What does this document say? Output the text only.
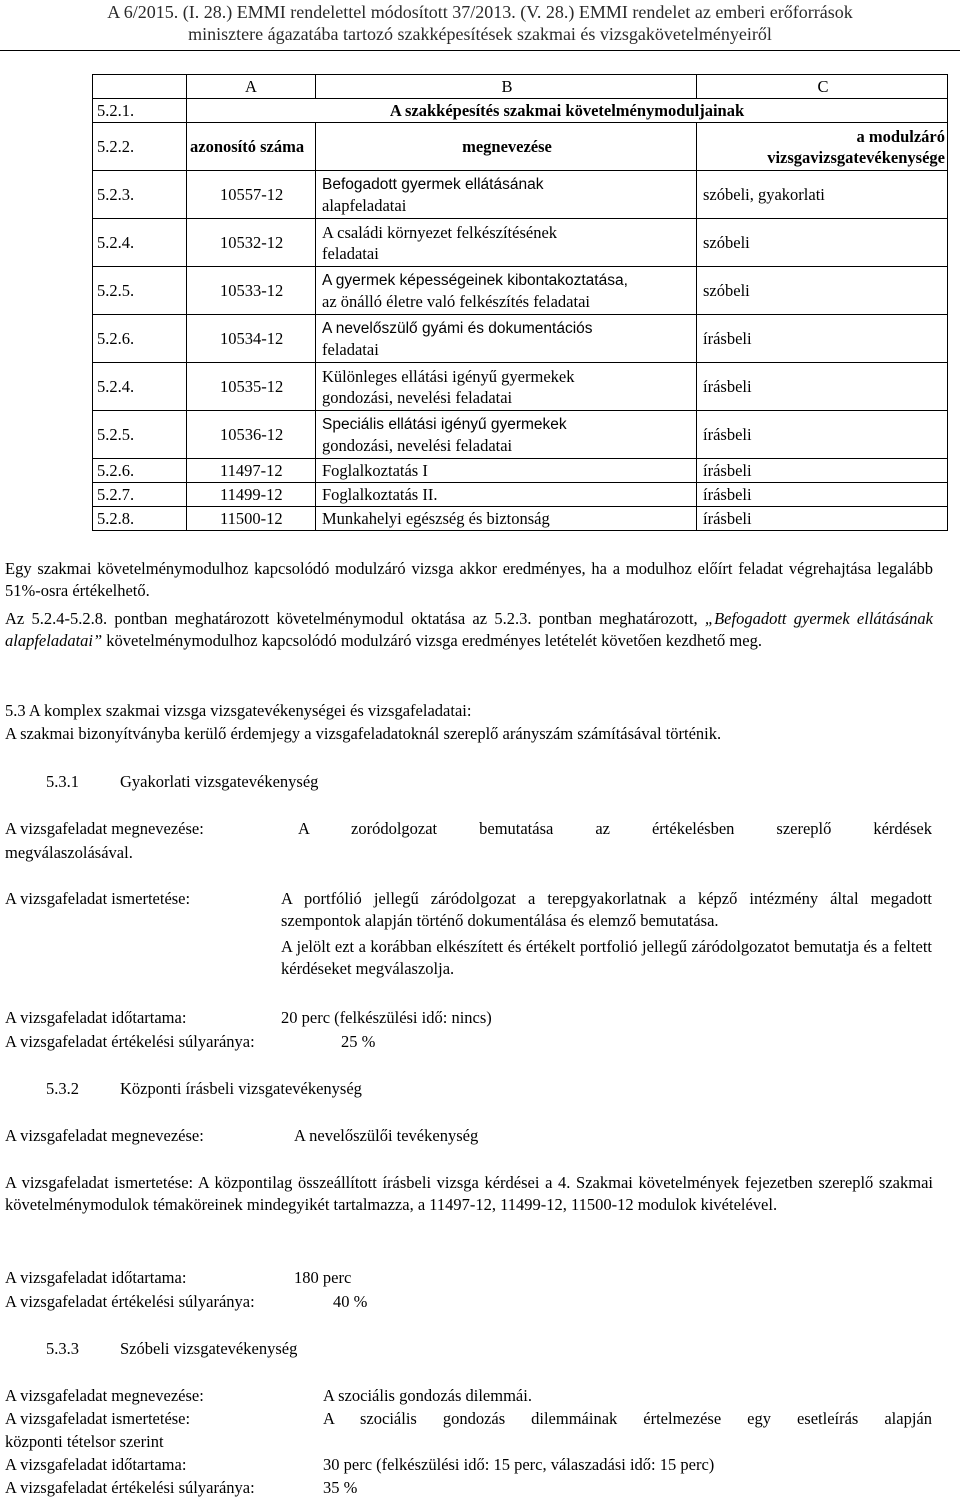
A 6/2015. (I. 28.) EMMI rendelettel módosított 37/2013. (V. 28.) EMMI rendelet az emberi erőforrások
minisztere ágazatába tartozó szakképesítések szakmai és vizsgakövetelményeiről
	A	B	C
5.2.1.	A szakképesítés szakmai követelménymoduljainak		
5.2.2.	azonosító száma	megnevezése	a modulzáró
vizsgavizsgatevékenysége

5.2.3.	10557-12	Befogadott gyermek ellátásának
alapfeladatai	szóbeli, gyakorlati
5.2.4.	10532-12	A családi környezet felkészítésének
feladatai	szóbeli
5.2.5.	10533-12	A gyermek képességeinek kibontakoztatása,
az önálló életre való felkészítés feladatai	szóbeli
5.2.6.	10534-12	A nevelőszülő gyámi és dokumentációs
feladatai	írásbeli
5.2.4.	10535-12	Különleges ellátási igényű gyermekek
gondozási, nevelési feladatai	írásbeli
5.2.5.	10536-12	Speciális ellátási igényű gyermekek
gondozási, nevelési feladatai	írásbeli
5.2.6.	11497-12	Foglalkoztatás I	írásbeli
5.2.7.	11499-12	Foglalkoztatás II.	írásbeli
5.2.8.	11500-12	Munkahelyi egészség és biztonság	írásbeli
Egy szakmai követelménymodulhoz kapcsolódó modulzáró vizsga akkor eredményes, ha a modulhoz előírt feladat végrehajtása legalább 51%-osra értékelhető.
Az 5.2.4-5.2.8. pontban meghatározott követelménymodul oktatása az 5.2.3. pontban meghatározott, „Befogadott gyermek ellátásának alapfeladatai” követelménymodulhoz kapcsolódó modulzáró vizsga eredményes letételét követően kezdhető meg.
5.3 A komplex szakmai vizsga vizsgatevékenységei és vizsgafeladatai:
A szakmai bizonyítványba kerülő érdemjegy a vizsgafeladatoknál szereplő arányszám számításával történik.
5.3.1 Gyakorlati vizsgatevékenység
A vizsgafeladat megnevezése:	A zoródolgozat bemutatása az értékelésben szereplő kérdések
megválaszolásával.
A vizsgafeladat ismertetése:	A portfólió jellegű záródolgozat a terepgyakorlatnak a képző intézmény által megadott szempontok alapján történő dokumentálása és elemző bemutatása.
A jelölt ezt a korábban elkészített és értékelt portfolió jellegű záródolgozatot bemutatja és a feltett kérdéseket megválaszolja.
A vizsgafeladat időtartama:	20 perc (felkészülési idő: nincs)
A vizsgafeladat értékelési súlyaránya:	25 %
5.3.2 Központi írásbeli vizsgatevékenység
A vizsgafeladat megnevezése:	A nevelőszülői tevékenység
A vizsgafeladat ismertetése: A központilag összeállított írásbeli vizsga kérdései a 4. Szakmai követelmények fejezetben szereplő szakmai követelménymodulok témaköreinek mindegyikét tartalmazza, a 11497-12, 11499-12, 11500-12 modulok kivételével.
A vizsgafeladat időtartama:	180 perc
A vizsgafeladat értékelési súlyaránya:	40 %
5.3.3 Szóbeli vizsgatevékenység
A vizsgafeladat megnevezése:	A szociális gondozás dilemmái.
A vizsgafeladat ismertetése:	A szociális gondozás dilemmáinak értelmezése egy esetleírás alapján
központi tételsor szerint
A vizsgafeladat időtartama:	30 perc (felkészülési idő: 15 perc, válaszadási idő: 15 perc)
A vizsgafeladat értékelési súlyaránya:	35 %
